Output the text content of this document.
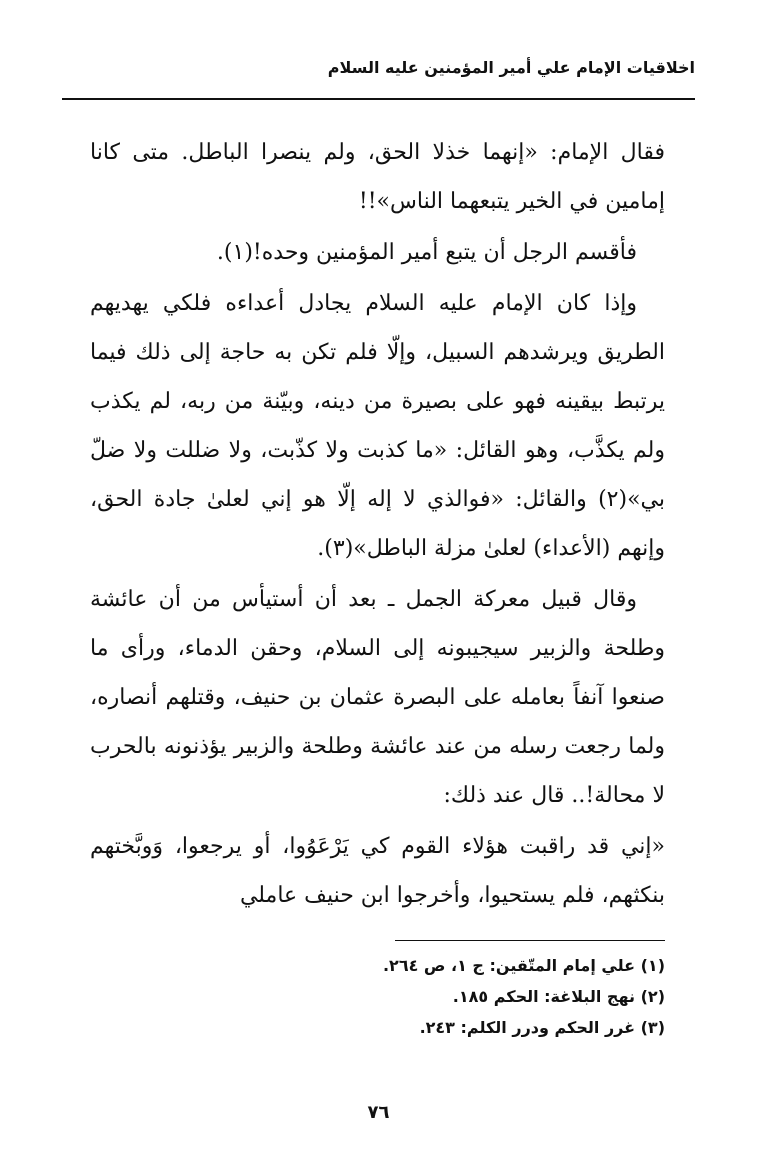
اخلاقيات الإمام علي أمير المؤمنين عليه السلام

فقال الإمام: «إنهما خذلا الحق، ولم ينصرا الباطل. متى كانا إمامين في الخير يتبعهما الناس»!!

فأقسم الرجل أن يتبع أمير المؤمنين وحده!(١).

وإذا كان الإمام عليه السلام يجادل أعداءه فلكي يهديهم الطريق ويرشدهم السبيل، وإلّا فلم تكن به حاجة إلى ذلك فيما يرتبط بيقينه فهو على بصيرة من دينه، وبيّنة من ربه، لم يكذب ولم يكذَّب، وهو القائل: «ما كذبت ولا كذّبت، ولا ضللت ولا ضلّ بي»(٢) والقائل: «فوالذي لا إله إلّا هو إني لعلىٰ جادة الحق، وإنهم (الأعداء) لعلىٰ مزلة الباطل»(٣).

وقال قبيل معركة الجمل ـ بعد أن أستيأس من أن عائشة وطلحة والزبير سيجيبونه إلى السلام، وحقن الدماء، ورأى ما صنعوا آنفاً بعامله على البصرة عثمان بن حنيف، وقتلهم أنصاره، ولما رجعت رسله من عند عائشة وطلحة والزبير يؤذنونه بالحرب لا محالة!.. قال عند ذلك:

«إني قد راقبت هؤلاء القوم كي يَرْعَوُوا، أو يرجعوا، وَوبَّختهم بنكثهم، فلم يستحيوا، وأخرجوا ابن حنيف عاملي

(١) علي إمام المتّقين: ج ١، ص ٢٦٤.
(٢) نهج البلاغة: الحكم ١٨٥.
(٣) غرر الحكم ودرر الكلم: ٢٤٣.
٧٦
